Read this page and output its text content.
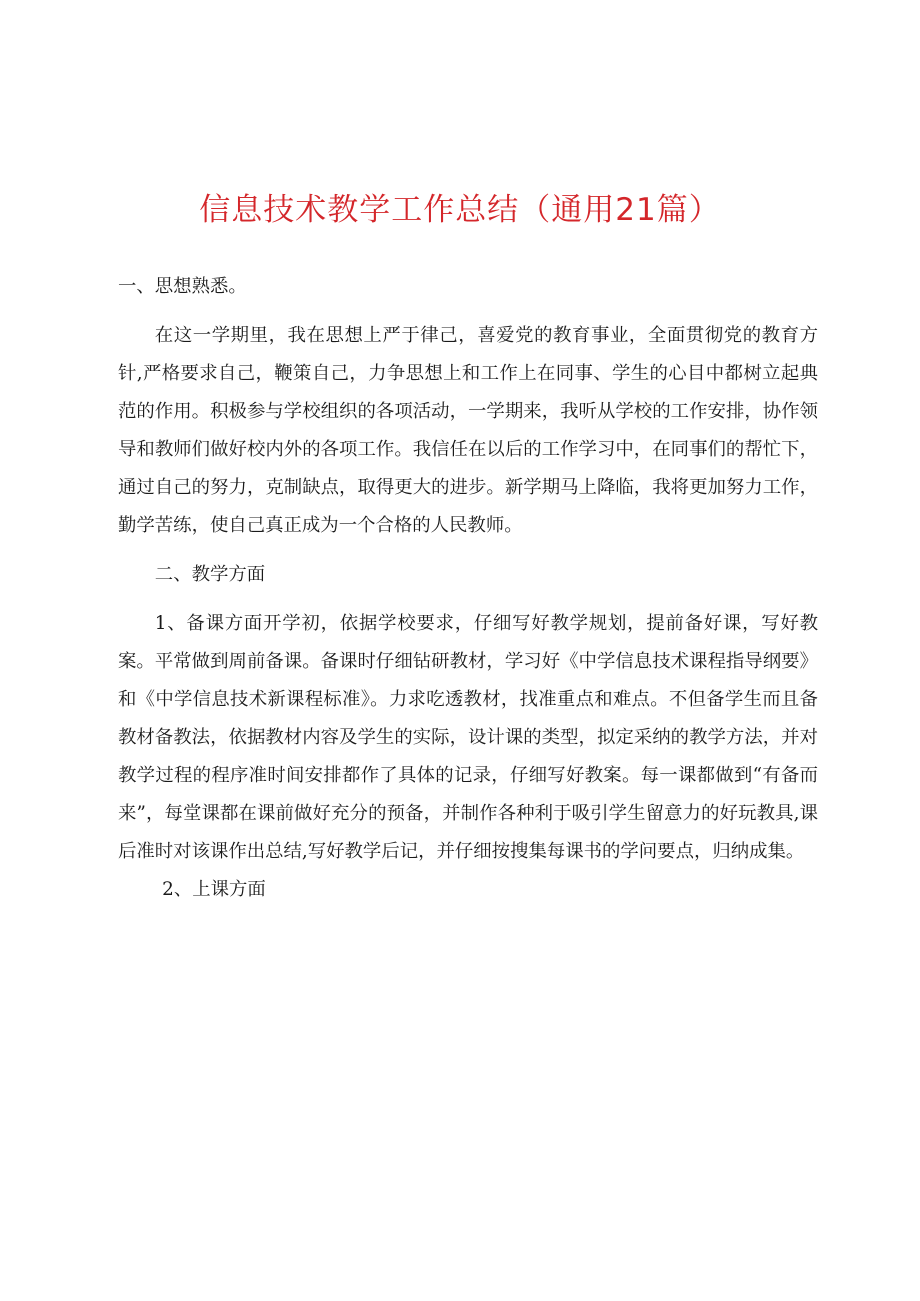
信息技术教学工作总结（通用21篇）

一、思想熟悉。

在这一学期里，我在思想上严于律己，喜爱党的教育事业，全面贯彻党的教育方针,严格要求自己，鞭策自己，力争思想上和工作上在同事、学生的心目中都树立起典范的作用。积极参与学校组织的各项活动，一学期来，我听从学校的工作安排，协作领导和教师们做好校内外的各项工作。我信任在以后的工作学习中，在同事们的帮忙下，通过自己的努力，克制缺点，取得更大的进步。新学期马上降临，我将更加努力工作，勤学苦练，使自己真正成为一个合格的人民教师。

二、教学方面

1、备课方面开学初，依据学校要求，仔细写好教学规划，提前备好课，写好教案。平常做到周前备课。备课时仔细钻研教材，学习好《中学信息技术课程指导纲要》和《中学信息技术新课程标准》。力求吃透教材，找准重点和难点。不但备学生而且备教材备教法，依据教材内容及学生的实际，设计课的类型，拟定采纳的教学方法，并对教学过程的程序准时间安排都作了具体的记录，仔细写好教案。每一课都做到“有备而来”，每堂课都在课前做好充分的预备，并制作各种利于吸引学生留意力的好玩教具,课后准时对该课作出总结,写好教学后记，并仔细按搜集每课书的学问要点，归纳成集。

2、上课方面
